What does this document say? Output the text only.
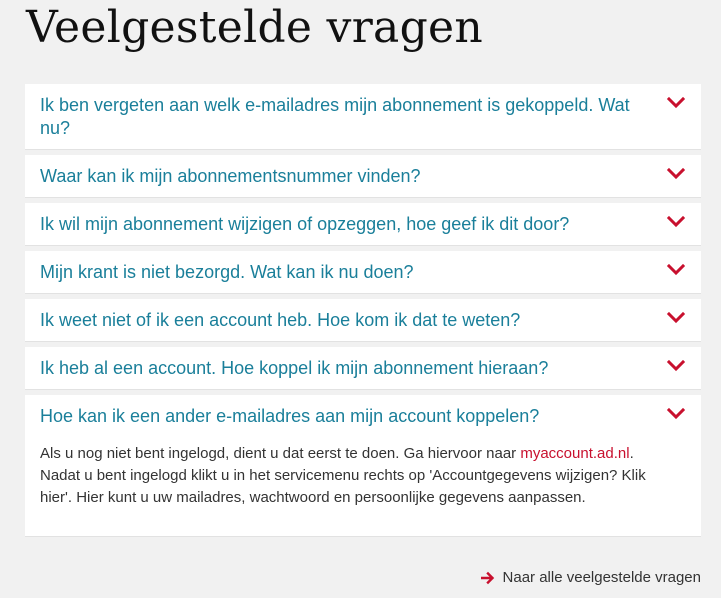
Veelgestelde vragen
Ik ben vergeten aan welk e-mailadres mijn abonnement is gekoppeld. Wat nu?
Waar kan ik mijn abonnementsnummer vinden?
Ik wil mijn abonnement wijzigen of opzeggen, hoe geef ik dit door?
Mijn krant is niet bezorgd. Wat kan ik nu doen?
Ik weet niet of ik een account heb. Hoe kom ik dat te weten?
Ik heb al een account. Hoe koppel ik mijn abonnement hieraan?
Hoe kan ik een ander e-mailadres aan mijn account koppelen?
Als u nog niet bent ingelogd, dient u dat eerst te doen. Ga hiervoor naar myaccount.ad.nl. Nadat u bent ingelogd klikt u in het servicemenu rechts op 'Accountgegevens wijzigen? Klik hier'. Hier kunt u uw mailadres, wachtwoord en persoonlijke gegevens aanpassen.
Naar alle veelgestelde vragen
